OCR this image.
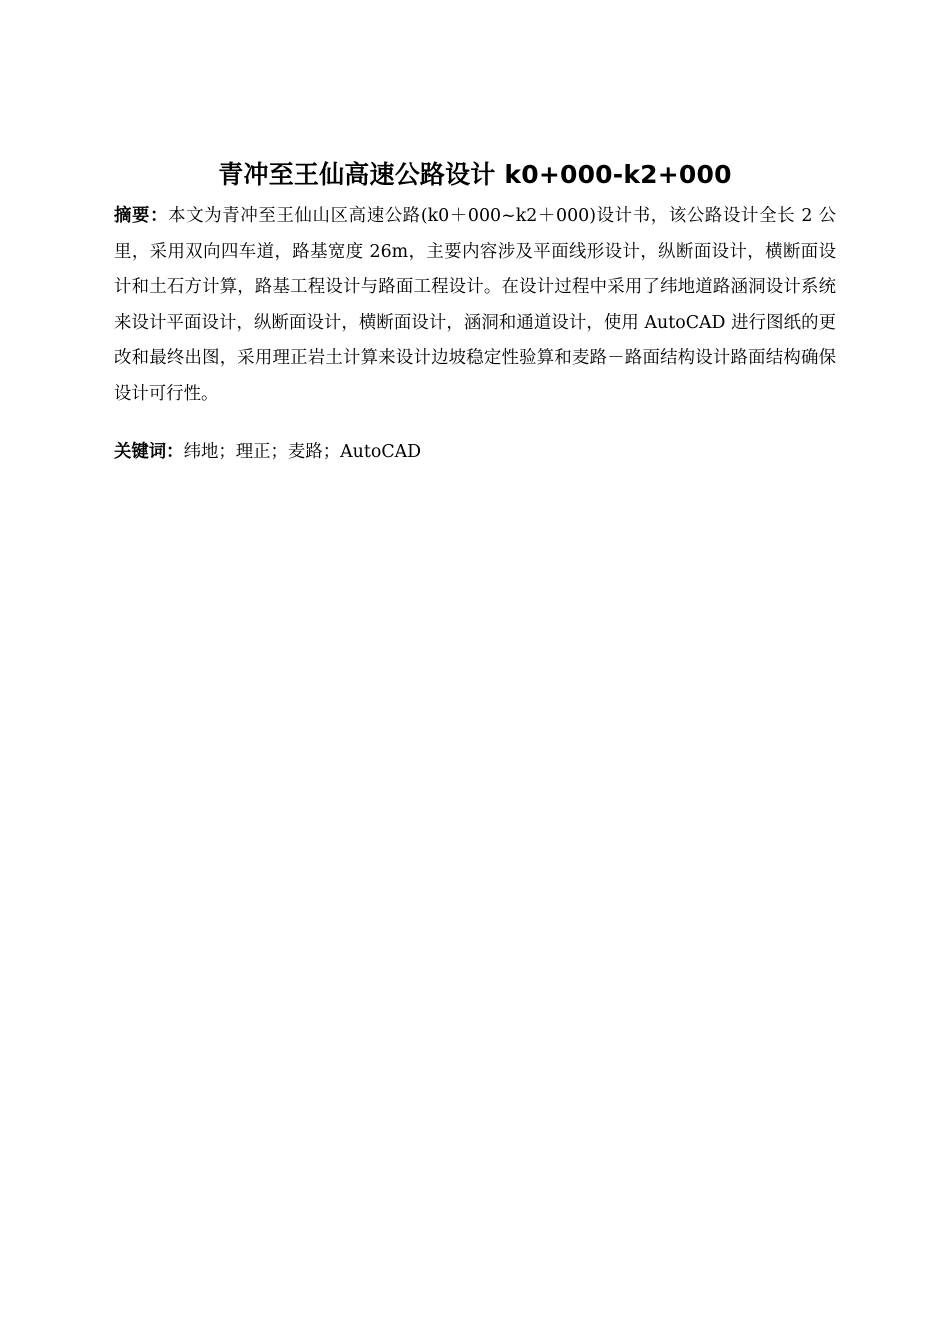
青冲至王仙高速公路设计 k0+000-k2+000

摘要：本文为青冲至王仙山区高速公路(k0＋000~k2＋000)设计书，该公路设计全长 2 公里，采用双向四车道，路基宽度 26m，主要内容涉及平面线形设计，纵断面设计，横断面设计和土石方计算，路基工程设计与路面工程设计。在设计过程中采用了纬地道路涵洞设计系统来设计平面设计，纵断面设计，横断面设计，涵洞和通道设计，使用 AutoCAD 进行图纸的更改和最终出图，采用理正岩土计算来设计边坡稳定性验算和麦路－路面结构设计路面结构确保设计可行性。

关键词：纬地；理正；麦路；AutoCAD
